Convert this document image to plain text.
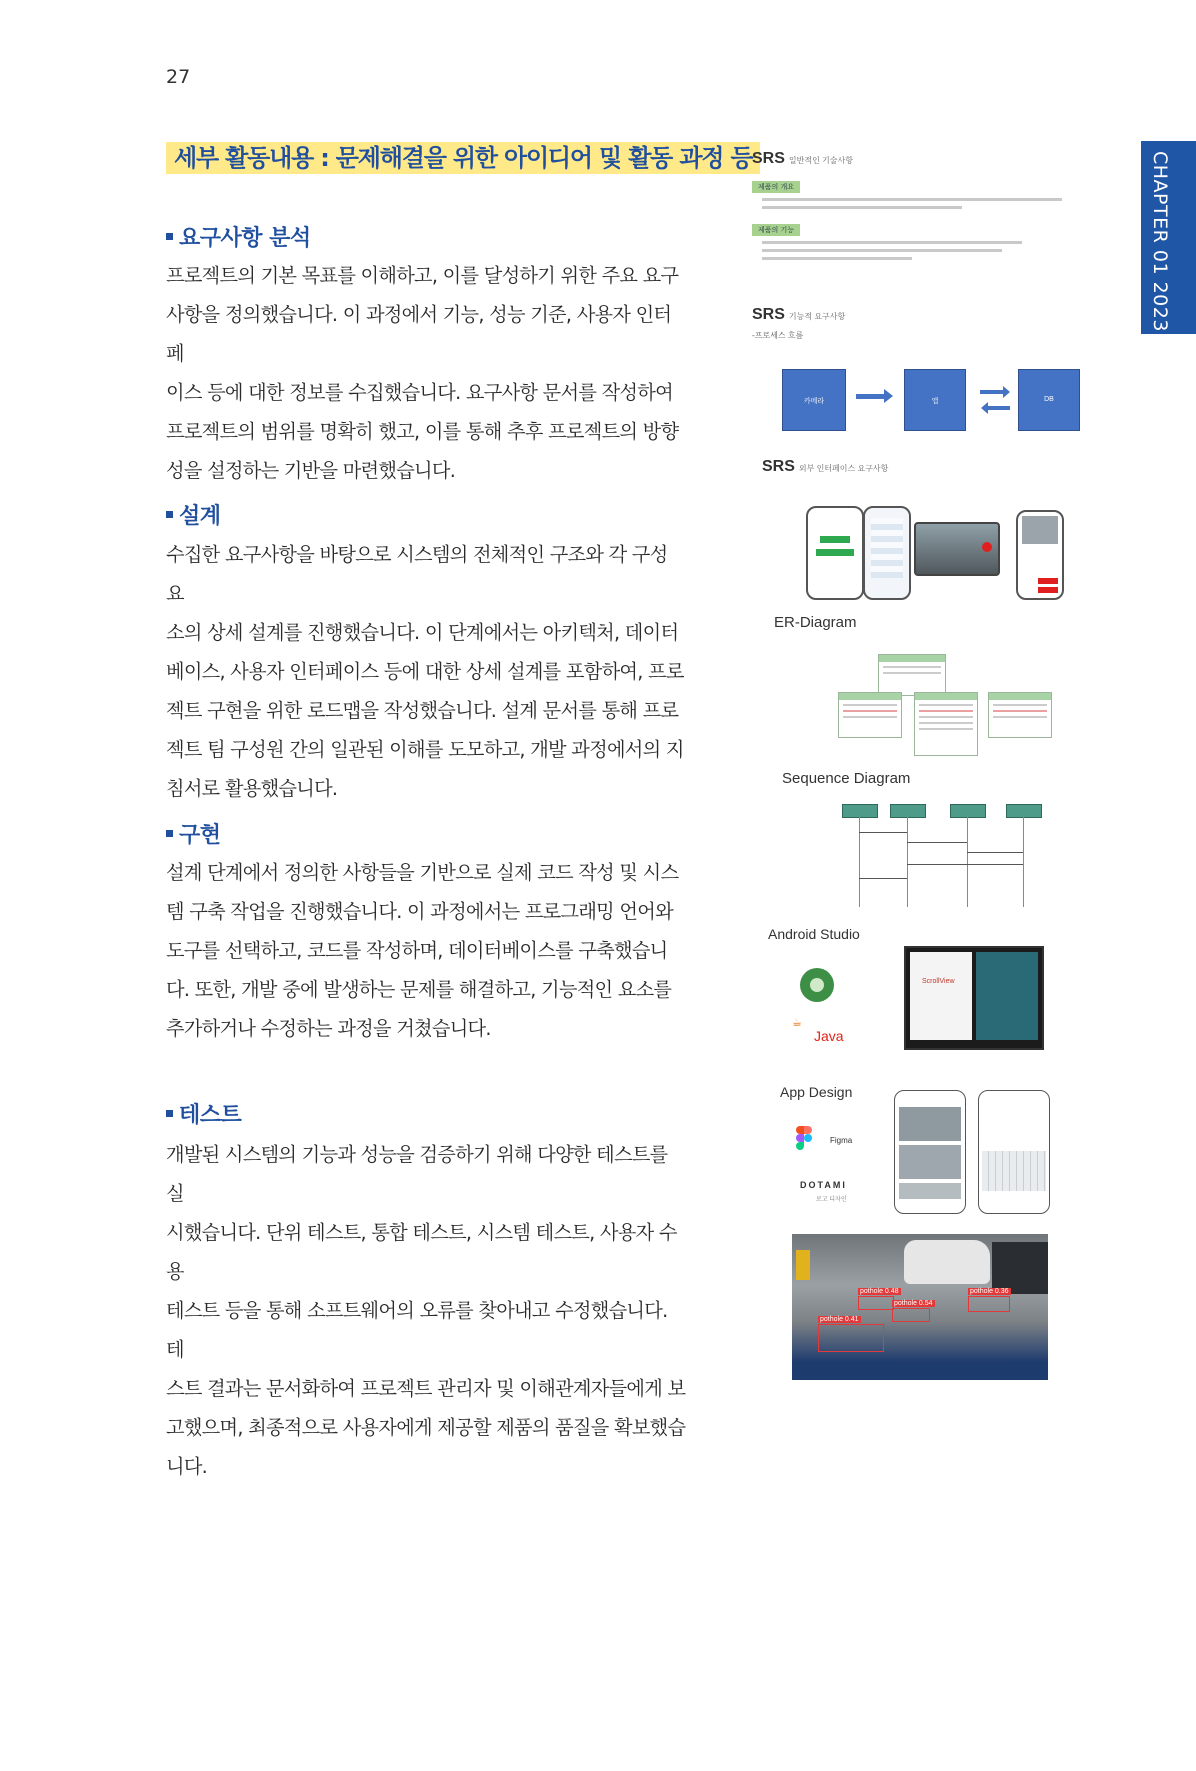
27
CHAPTER 01 2023
세부 활동내용 : 문제해결을 위한 아이디어 및 활동 과정 등
요구사항 분석
프로젝트의 기본 목표를 이해하고, 이를 달성하기 위한 주요 요구
사항을 정의했습니다. 이 과정에서 기능, 성능 기준, 사용자 인터페
이스 등에 대한 정보를 수집했습니다. 요구사항 문서를 작성하여
프로젝트의 범위를 명확히 했고, 이를 통해 추후 프로젝트의 방향
성을 설정하는 기반을 마련했습니다.
설계
수집한 요구사항을 바탕으로 시스템의 전체적인 구조와 각 구성 요
소의 상세 설계를 진행했습니다. 이 단계에서는 아키텍처, 데이터
베이스, 사용자 인터페이스 등에 대한 상세 설계를 포함하여, 프로
젝트 구현을 위한 로드맵을 작성했습니다. 설계 문서를 통해 프로
젝트 팀 구성원 간의 일관된 이해를 도모하고, 개발 과정에서의 지
침서로 활용했습니다.
구현
설계 단계에서 정의한 사항들을 기반으로 실제 코드 작성 및 시스
템 구축 작업을 진행했습니다. 이 과정에서는 프로그래밍 언어와
도구를 선택하고, 코드를 작성하며, 데이터베이스를 구축했습니
다. 또한, 개발 중에 발생하는 문제를 해결하고, 기능적인 요소를
추가하거나 수정하는 과정을 거쳤습니다.
테스트
개발된 시스템의 기능과 성능을 검증하기 위해 다양한 테스트를 실
시했습니다. 단위 테스트, 통합 테스트, 시스템 테스트, 사용자 수용
테스트 등을 통해 소프트웨어의 오류를 찾아내고 수정했습니다. 테
스트 결과는 문서화하여 프로젝트 관리자 및 이해관계자들에게 보
고했으며, 최종적으로 사용자에게 제공할 제품의 품질을 확보했습
니다.
SRS 일반적인 기술사항
제품의 개요
제품의 기능
SRS 기능적 요구사항
-프로세스 흐름
카메라	앱	DB
SRS 외부 인터페이스 요구사항
ER-Diagram
Sequence Diagram
Android Studio
☕
Java
ScrollView
App Design
Figma
DOTAMI
로고 디자인
pothole 0.48
pothole 0.54
pothole 0.36
pothole 0.41
